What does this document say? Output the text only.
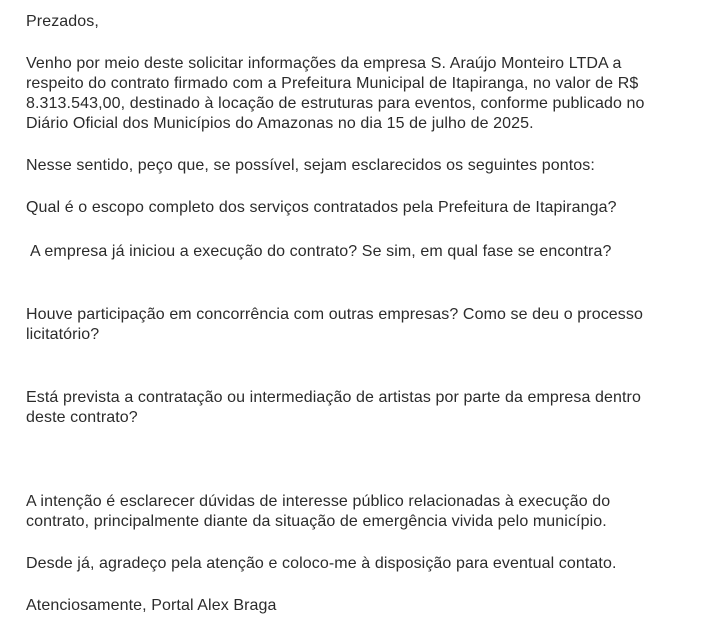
Prezados,

Venho por meio deste solicitar informações da empresa S. Araújo Monteiro LTDA a
respeito do contrato firmado com a Prefeitura Municipal de Itapiranga, no valor de R$
8.313.543,00, destinado à locação de estruturas para eventos, conforme publicado no
Diário Oficial dos Municípios do Amazonas no dia 15 de julho de 2025.

Nesse sentido, peço que, se possível, sejam esclarecidos os seguintes pontos:

Qual é o escopo completo dos serviços contratados pela Prefeitura de Itapiranga?

A empresa já iniciou a execução do contrato? Se sim, em qual fase se encontra?

Houve participação em concorrência com outras empresas? Como se deu o processo
licitatório?

Está prevista a contratação ou intermediação de artistas por parte da empresa dentro
deste contrato?

A intenção é esclarecer dúvidas de interesse público relacionadas à execução do
contrato, principalmente diante da situação de emergência vivida pelo município.

Desde já, agradeço pela atenção e coloco-me à disposição para eventual contato.

Atenciosamente, Portal Alex Braga
